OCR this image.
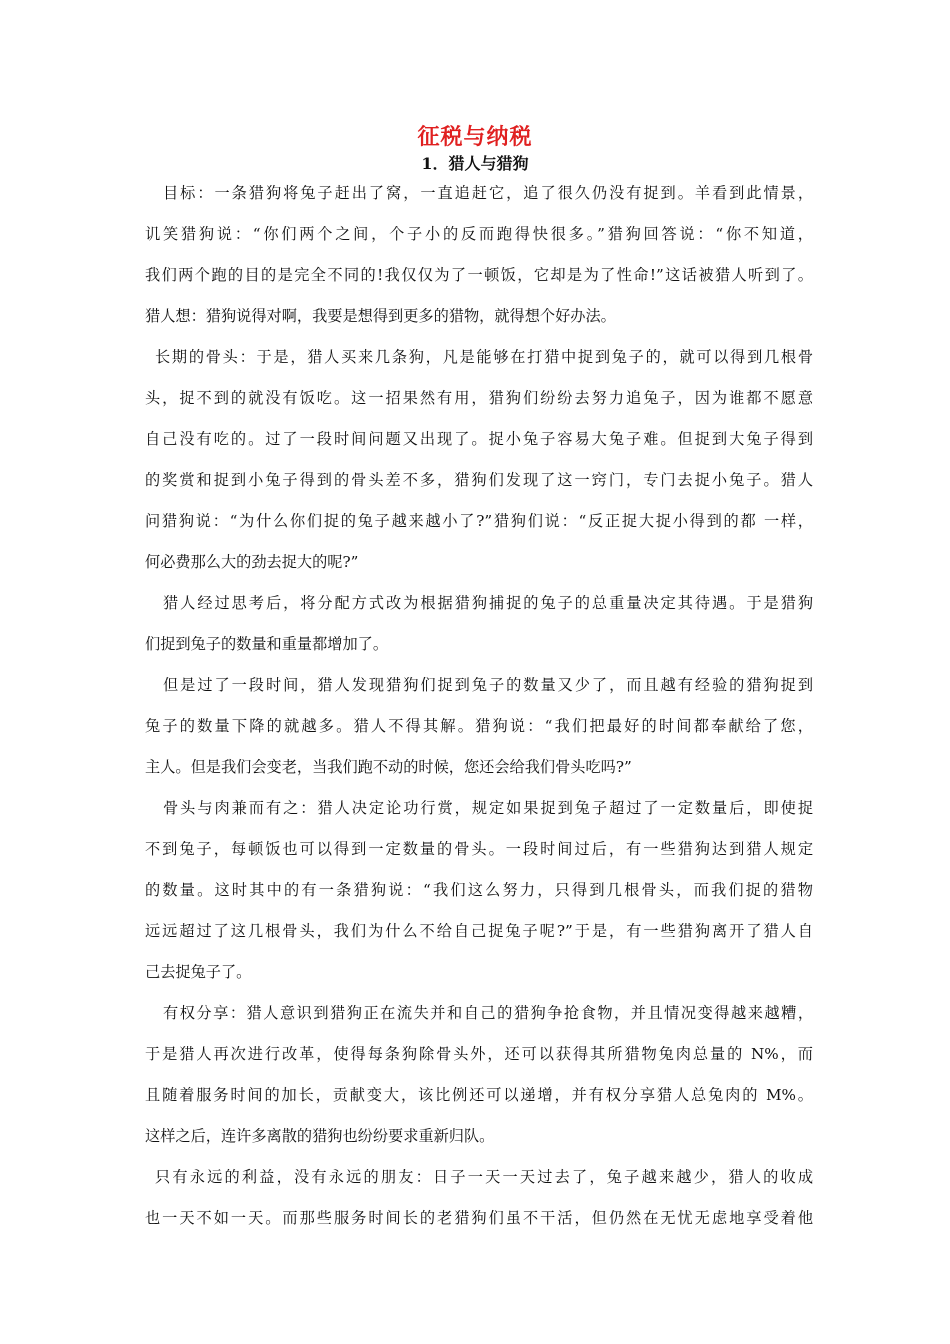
征税与纳税
1．猎人与猎狗
目标：一条猎狗将兔子赶出了窝，一直追赶它，追了很久仍没有捉到。羊看到此情景，
讥笑猎狗说：“你们两个之间，个子小的反而跑得快很多。”猎狗回答说：“你不知道，
我们两个跑的目的是完全不同的!我仅仅为了一顿饭，它却是为了性命!”这话被猎人听到了。
猎人想：猎狗说得对啊，我要是想得到更多的猎物，就得想个好办法。
长期的骨头：于是，猎人买来几条狗，凡是能够在打猎中捉到兔子的，就可以得到几根骨
头，捉不到的就没有饭吃。这一招果然有用，猎狗们纷纷去努力追兔子，因为谁都不愿意
自己没有吃的。过了一段时间问题又出现了。捉小兔子容易大兔子难。但捉到大兔子得到
的奖赏和捉到小兔子得到的骨头差不多，猎狗们发现了这一窍门，专门去捉小兔子。猎人
问猎狗说：“为什么你们捉的兔子越来越小了?”猎狗们说：“反正捉大捉小得到的都 一样，
何必费那么大的劲去捉大的呢?”
猎人经过思考后，将分配方式改为根据猎狗捕捉的兔子的总重量决定其待遇。于是猎狗
们捉到兔子的数量和重量都增加了。
但是过了一段时间，猎人发现猎狗们捉到兔子的数量又少了，而且越有经验的猎狗捉到
兔子的数量下降的就越多。猎人不得其解。猎狗说：“我们把最好的时间都奉献给了您，
主人。但是我们会变老，当我们跑不动的时候，您还会给我们骨头吃吗?”
骨头与肉兼而有之：猎人决定论功行赏，规定如果捉到兔子超过了一定数量后，即使捉
不到兔子，每顿饭也可以得到一定数量的骨头。一段时间过后，有一些猎狗达到猎人规定
的数量。这时其中的有一条猎狗说：“我们这么努力，只得到几根骨头，而我们捉的猎物
远远超过了这几根骨头，我们为什么不给自己捉兔子呢?”于是，有一些猎狗离开了猎人自
己去捉兔子了。
有权分享：猎人意识到猎狗正在流失并和自己的猎狗争抢食物，并且情况变得越来越糟，
于是猎人再次进行改革，使得每条狗除骨头外，还可以获得其所猎物兔肉总量的 N%，而
且随着服务时间的加长，贡献变大，该比例还可以递增，并有权分享猎人总兔肉的 M%。
这样之后，连许多离散的猎狗也纷纷要求重新归队。
只有永远的利益，没有永远的朋友：日子一天一天过去了，兔子越来越少，猎人的收成
也一天不如一天。而那些服务时间长的老猎狗们虽不干活，但仍然在无忧无虑地享受着他
